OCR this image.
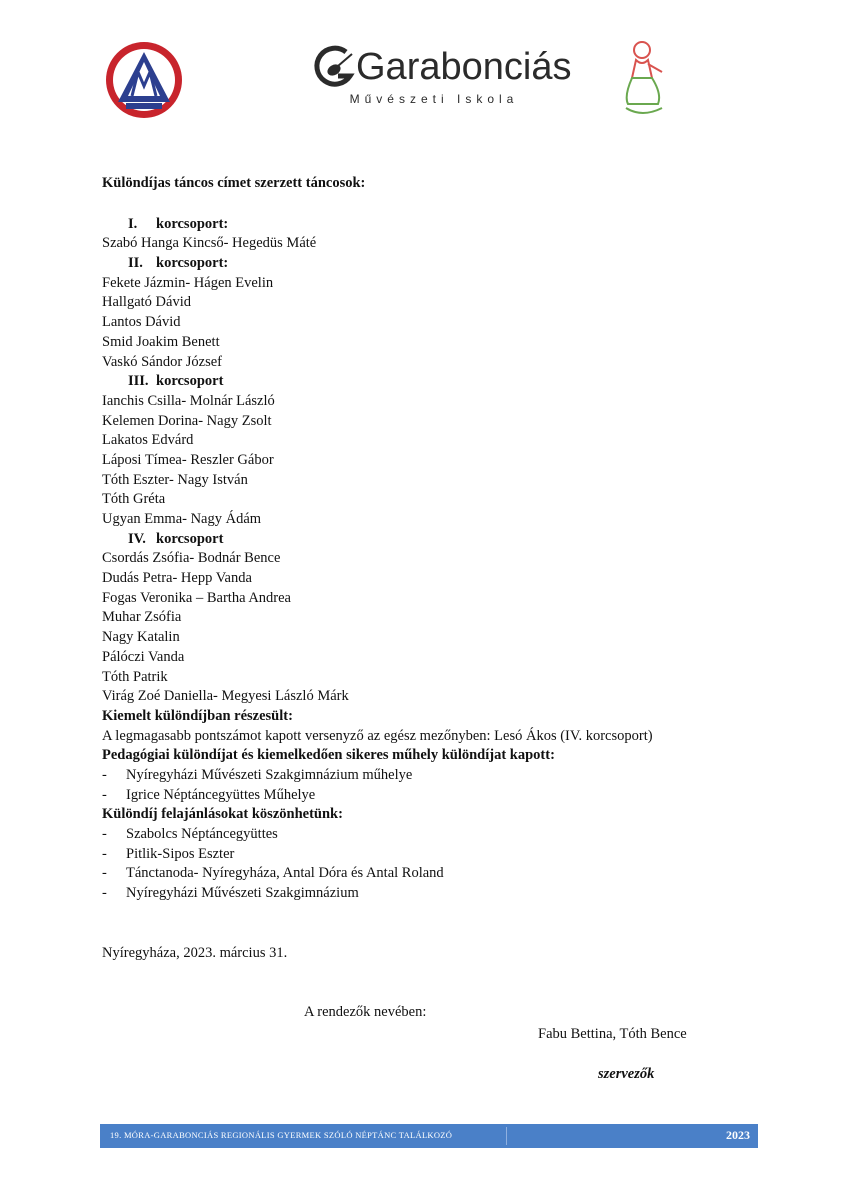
Garabonciás
Művészeti Iskola
Különdíjas táncos címet szerzett táncosok:
I. korcsoport:
Szabó Hanga Kincső- Hegedüs Máté
II. korcsoport:
Fekete Jázmin- Hágen Evelin
Hallgató Dávid
Lantos Dávid
Smid Joakim Benett
Vaskó Sándor József
III. korcsoport
Ianchis Csilla- Molnár László
Kelemen Dorina- Nagy Zsolt
Lakatos Edvárd
Láposi Tímea- Reszler Gábor
Tóth Eszter- Nagy István
Tóth Gréta
Ugyan Emma- Nagy Ádám
IV. korcsoport
Csordás Zsófia- Bodnár Bence
Dudás Petra- Hepp Vanda
Fogas Veronika – Bartha Andrea
Muhar Zsófia
Nagy Katalin
Pálóczi Vanda
Tóth Patrik
Virág Zoé Daniella- Megyesi László Márk
Kiemelt különdíjban részesült:
A legmagasabb pontszámot kapott versenyző az egész mezőnyben: Lesó Ákos (IV. korcsoport)
Pedagógiai különdíjat és kiemelkedően sikeres műhely különdíjat kapott:
- Nyíregyházi Művészeti Szakgimnázium műhelye
- Igrice Néptáncegyüttes Műhelye
Különdíj felajánlásokat köszönhetünk:
- Szabolcs Néptáncegyüttes
- Pitlik-Sipos Eszter
- Tánctanoda- Nyíregyháza, Antal Dóra és Antal Roland
- Nyíregyházi Művészeti Szakgimnázium
Nyíregyháza, 2023. március 31.
A rendezők nevében:
Fabu Bettina, Tóth Bence
szervezők
19. MÓRA-GARABONCIÁS REGIONÁLIS GYERMEK SZÓLÓ NÉPTÁNC TALÁLKOZÓ	2023
